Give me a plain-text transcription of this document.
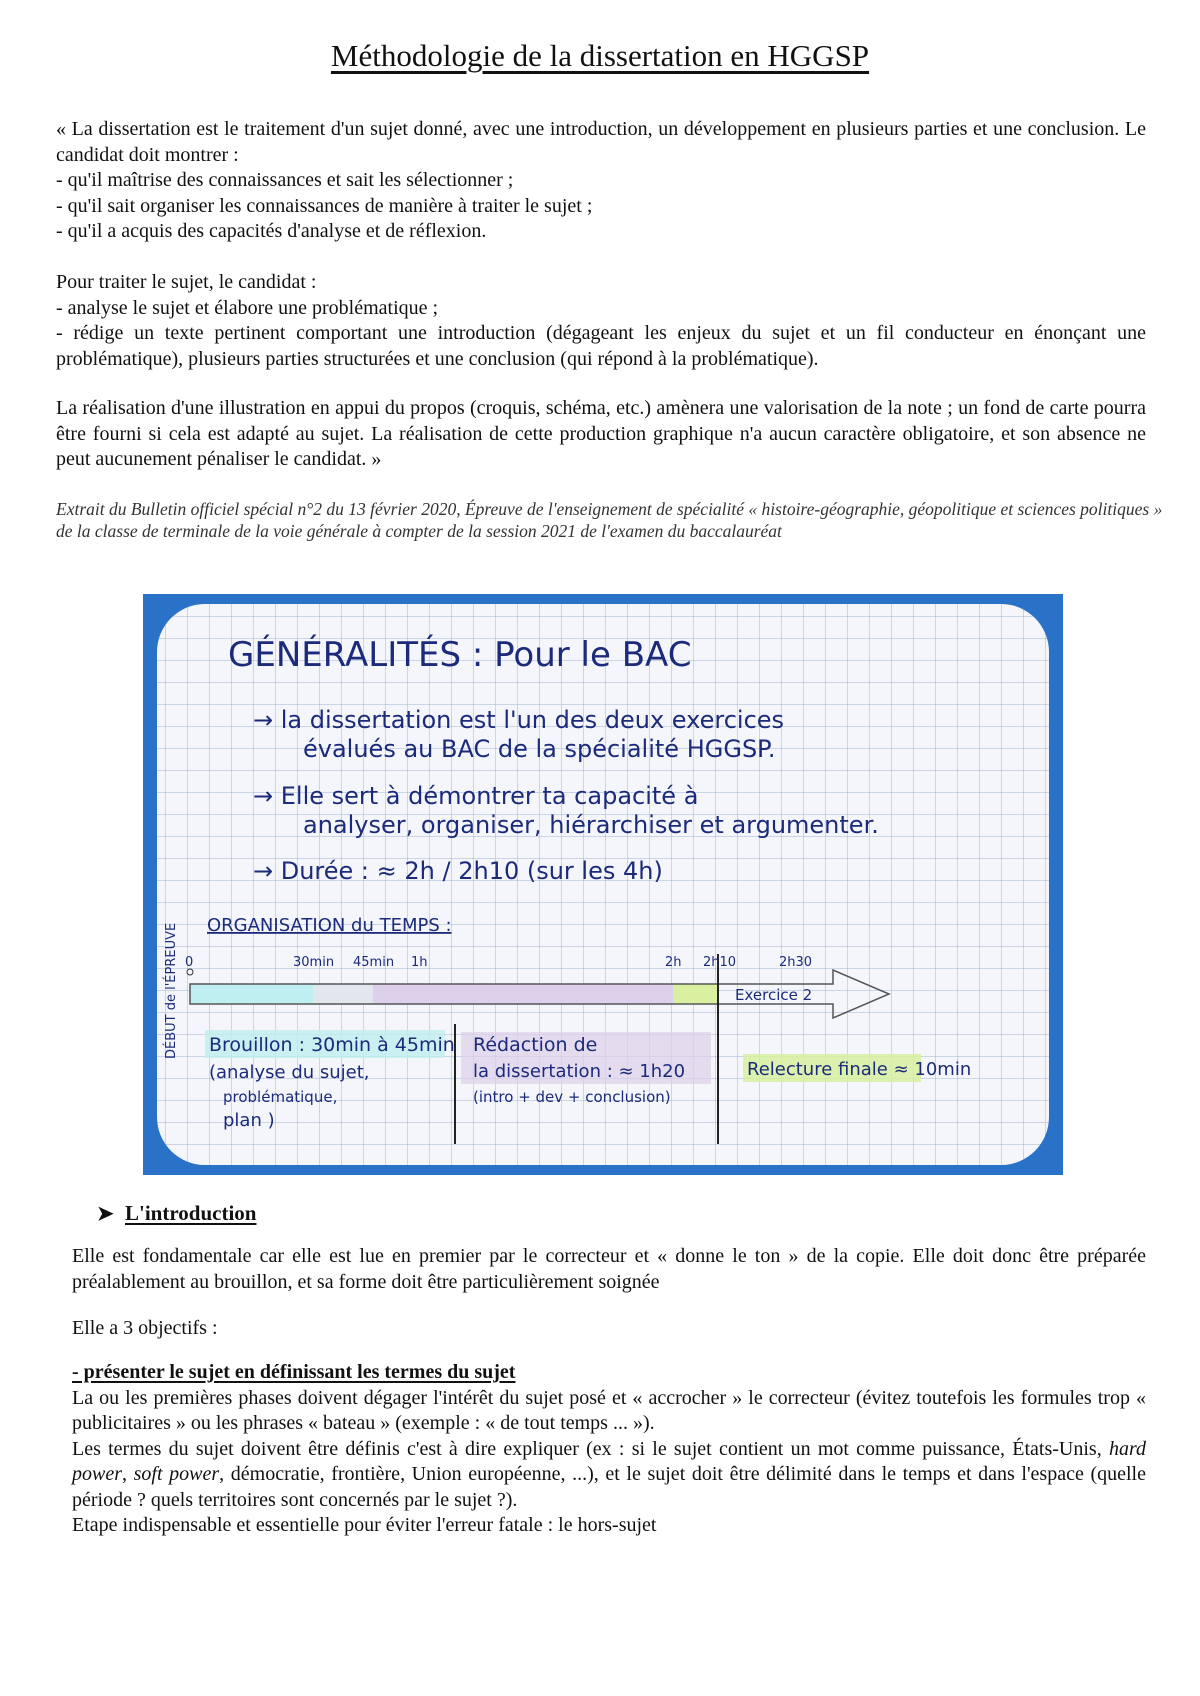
Méthodologie de la dissertation en HGGSP
« La dissertation est le traitement d'un sujet donné, avec une introduction, un développement en plusieurs parties et une conclusion. Le candidat doit montrer :
- qu'il maîtrise des connaissances et sait les sélectionner ;
- qu'il sait organiser les connaissances de manière à traiter le sujet ;
- qu'il a acquis des capacités d'analyse et de réflexion.
Pour traiter le sujet, le candidat :
- analyse le sujet et élabore une problématique ;
- rédige un texte pertinent comportant une introduction (dégageant les enjeux du sujet et un fil conducteur en énonçant une problématique), plusieurs parties structurées et une conclusion (qui répond à la problématique).
La réalisation d'une illustration en appui du propos (croquis, schéma, etc.) amènera une valorisation de la note ; un fond de carte pourra être fourni si cela est adapté au sujet. La réalisation de cette production graphique n'a aucun caractère obligatoire, et son absence ne peut aucunement pénaliser le candidat. »
Extrait du Bulletin officiel spécial n°2 du 13 février 2020, Épreuve de l'enseignement de spécialité « histoire-géographie, géopolitique et sciences politiques » de la classe de terminale de la voie générale à compter de la session 2021 de l'examen du baccalauréat
GÉNÉRALITÉS : Pour le BAC
→ la dissertation est l'un des deux exercices
évalués au BAC de la spécialité HGGSP.
→ Elle sert à démontrer ta capacité à
analyser, organiser, hiérarchiser et argumenter.
→ Durée : ≈ 2h / 2h10 (sur les 4h)
ORGANISATION du TEMPS :
DÉBUT de l'ÉPREUVE 0	30min 45min 1h	2h 2h10	2h30
Exercice 2
Brouillon : 30min à 45min
(analyse du sujet,
problématique,
plan )
Rédaction de
la dissertation : ≈ 1h20
(intro + dev + conclusion)
Relecture finale ≈ 10min
➤ L'introduction
Elle est fondamentale car elle est lue en premier par le correcteur et « donne le ton » de la copie. Elle doit donc être préparée préalablement au brouillon, et sa forme doit être particulièrement soignée
Elle a 3 objectifs :

- présenter le sujet en définissant les termes du sujet

La ou les premières phases doivent dégager l'intérêt du sujet posé et « accrocher » le correcteur (évitez toutefois les formules trop « publicitaires » ou les phrases « bateau » (exemple : « de tout temps ... »).

Les termes du sujet doivent être définis c'est à dire expliquer (ex : si le sujet contient un mot comme puissance, États-Unis, hard power, soft power, démocratie, frontière, Union européenne, ...), et le sujet doit être délimité dans le temps et dans l'espace (quelle période ? quels territoires sont concernés par le sujet ?).

Etape indispensable et essentielle pour éviter l'erreur fatale : le hors-sujet
